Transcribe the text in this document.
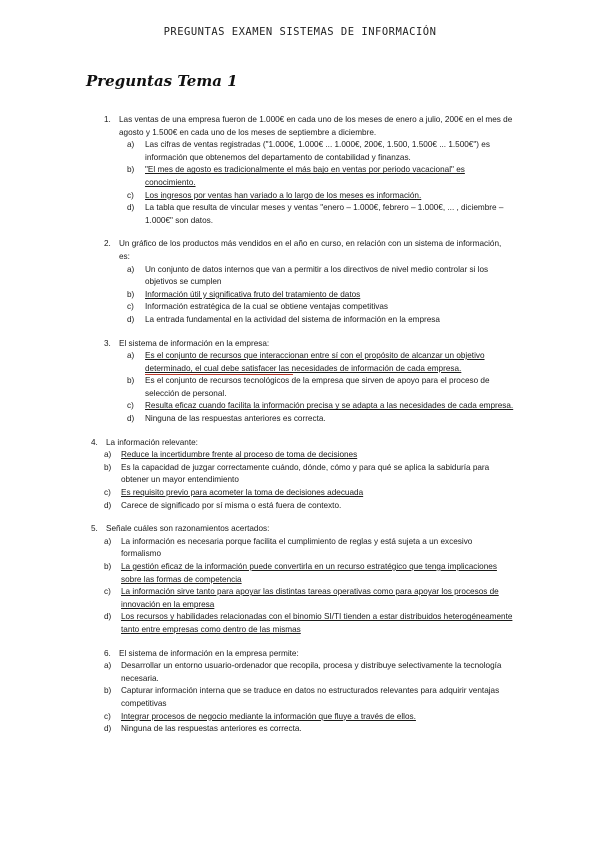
PREGUNTAS EXAMEN SISTEMAS DE INFORMACIÓN
Preguntas Tema 1
1. Las ventas de una empresa fueron de 1.000€ en cada uno de los meses de enero a julio, 200€ en el mes de agosto y 1.500€ en cada uno de los meses de septiembre a diciembre.
a) Las cifras de ventas registradas ("1.000€, 1.000€ ... 1.000€, 200€, 1.500, 1.500€ ... 1.500€") es información que obtenemos del departamento de contabilidad y finanzas.
b) "El mes de agosto es tradicionalmente el más bajo en ventas por periodo vacacional" es conocimiento.
c) Los ingresos por ventas han variado a lo largo de los meses es información.
d) La tabla que resulta de vincular meses y ventas "enero – 1.000€, febrero – 1.000€, ... , diciembre – 1.000€" son datos.
2. Un gráfico de los productos más vendidos en el año en curso, en relación con un sistema de información, es:
a) Un conjunto de datos internos que van a permitir a los directivos de nivel medio controlar si los objetivos se cumplen
b) Información útil y significativa fruto del tratamiento de datos
c) Información estratégica de la cual se obtiene ventajas competitivas
d) La entrada fundamental en la actividad del sistema de información en la empresa
3. El sistema de información en la empresa:
a) Es el conjunto de recursos que interaccionan entre sí con el propósito de alcanzar un objetivo determinado, el cual debe satisfacer las necesidades de información de cada empresa.
b) Es el conjunto de recursos tecnológicos de la empresa que sirven de apoyo para el proceso de selección de personal.
c) Resulta eficaz cuando facilita la información precisa y se adapta a las necesidades de cada empresa.
d) Ninguna de las respuestas anteriores es correcta.
4. La información relevante:
a) Reduce la incertidumbre frente al proceso de toma de decisiones
b) Es la capacidad de juzgar correctamente cuándo, dónde, cómo y para qué se aplica la sabiduría para obtener un mayor entendimiento
c) Es requisito previo para acometer la toma de decisiones adecuada
d) Carece de significado por sí misma o está fuera de contexto.
5. Señale cuáles son razonamientos acertados:
a) La información es necesaria porque facilita el cumplimiento de reglas y está sujeta a un excesivo formalismo
b) La gestión eficaz de la información puede convertirla en un recurso estratégico que tenga implicaciones sobre las formas de competencia
c) La información sirve tanto para apoyar las distintas tareas operativas como para apoyar los procesos de innovación en la empresa
d) Los recursos y habilidades relacionadas con el binomio SI/TI tienden a estar distribuidos heterogéneamente tanto entre empresas como dentro de las mismas
6. El sistema de información en la empresa permite:
a) Desarrollar un entorno usuario-ordenador que recopila, procesa y distribuye selectivamente la tecnología necesaria.
b) Capturar información interna que se traduce en datos no estructurados relevantes para adquirir ventajas competitivas
c) Integrar procesos de negocio mediante la información que fluye a través de ellos.
d) Ninguna de las respuestas anteriores es correcta.
